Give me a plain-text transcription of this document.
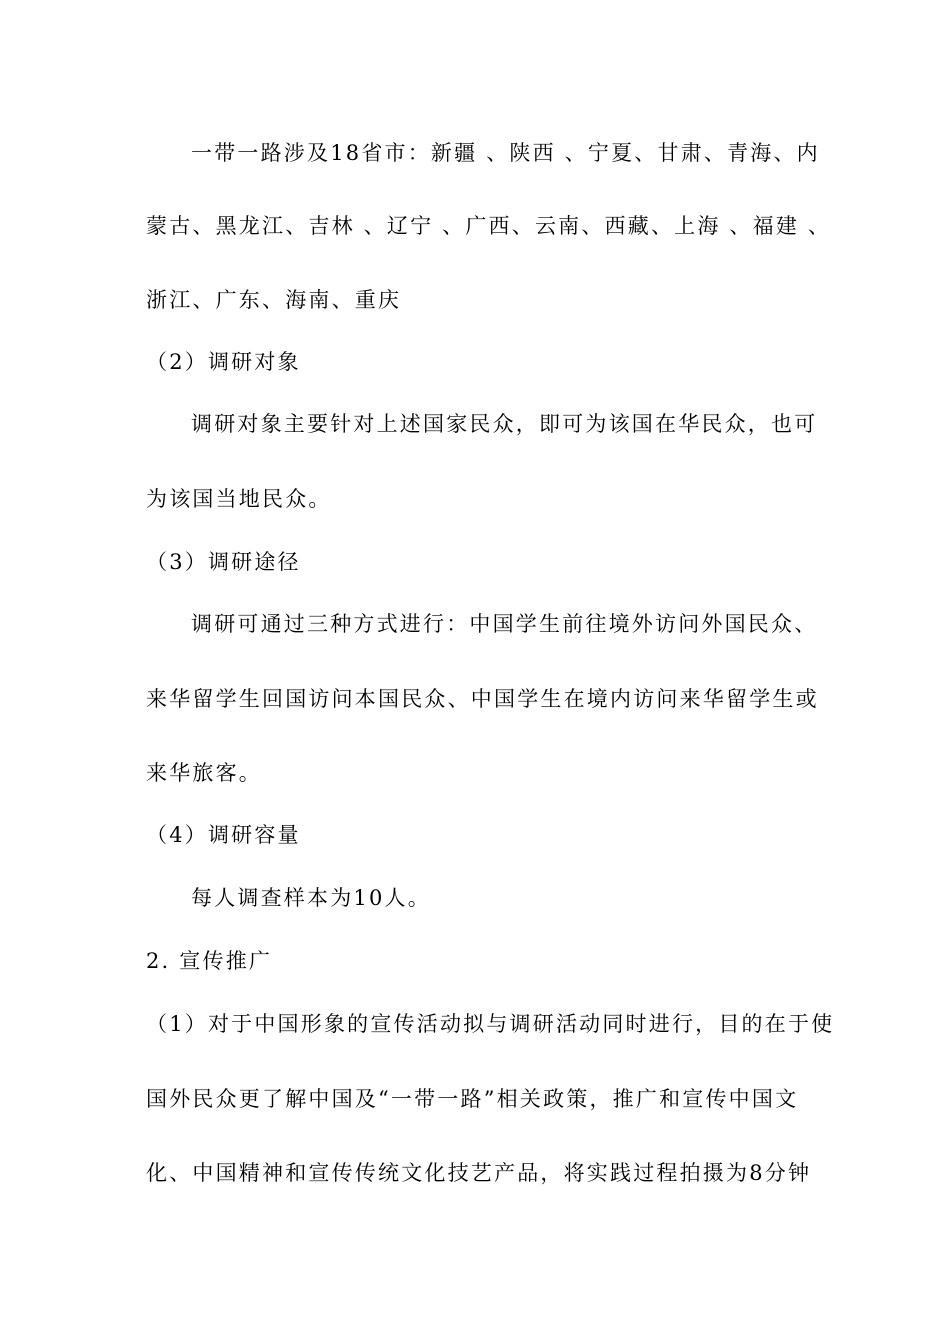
一带一路涉及18省市：新疆 、陕西 、宁夏、甘肃、青海、内
蒙古、黑龙江、吉林 、辽宁 、广西、云南、西藏、上海 、福建 、
浙江、广东、海南、重庆
（2）调研对象
调研对象主要针对上述国家民众，即可为该国在华民众，也可
为该国当地民众。
（3）调研途径
调研可通过三种方式进行：中国学生前往境外访问外国民众、
来华留学生回国访问本国民众、中国学生在境内访问来华留学生或
来华旅客。
（4）调研容量
每人调查样本为10人。
2. 宣传推广
（1）对于中国形象的宣传活动拟与调研活动同时进行，目的在于使
国外民众更了解中国及“一带一路”相关政策，推广和宣传中国文
化、中国精神和宣传传统文化技艺产品，将实践过程拍摄为8分钟
